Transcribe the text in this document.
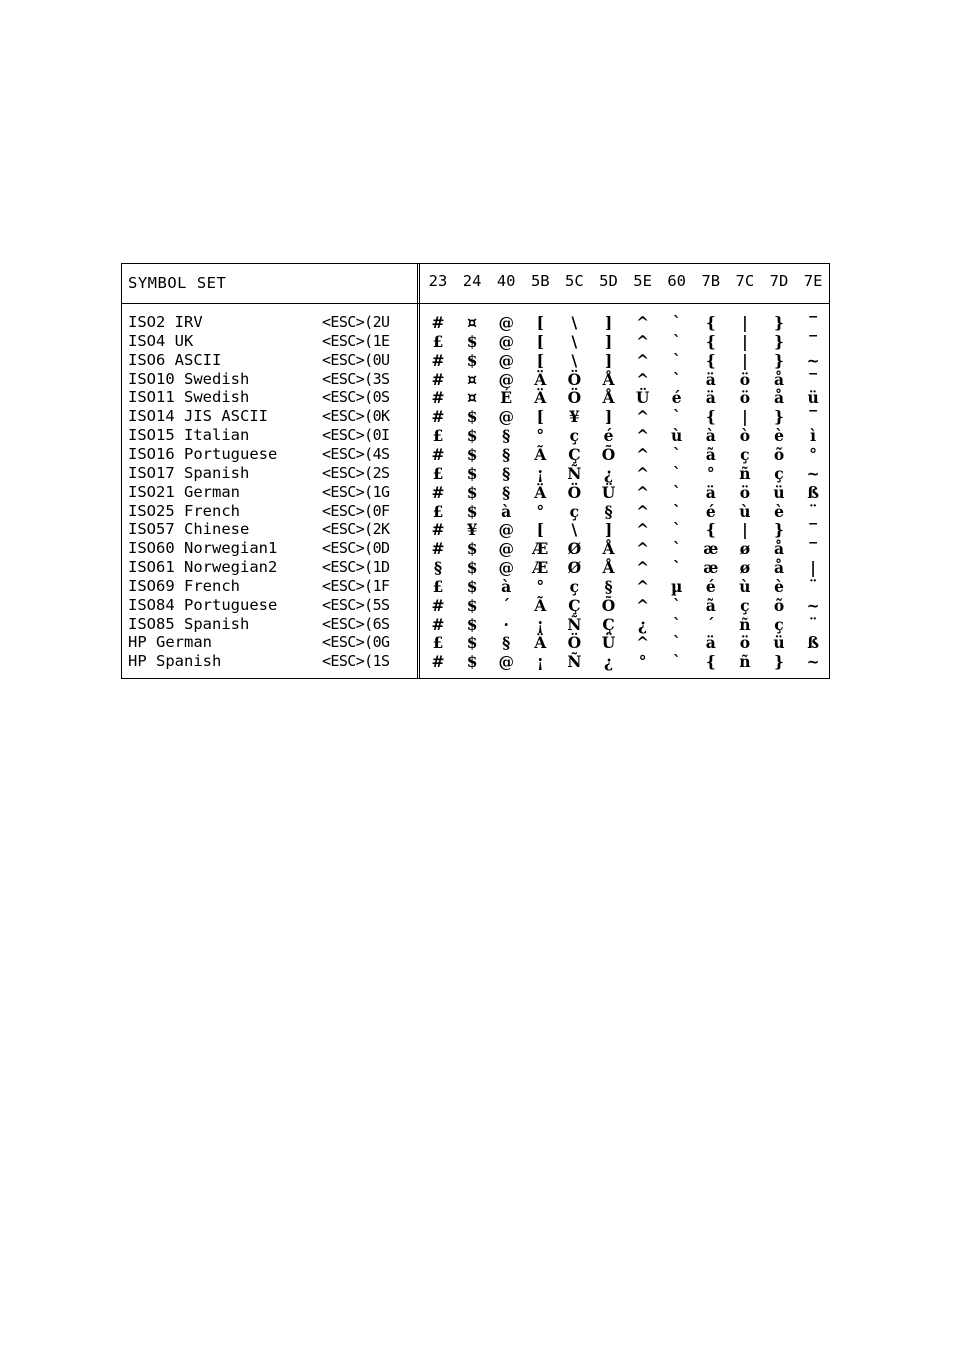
SYMBOL SET	23 24 40 5B 5C 5D 5E 60 7B 7C 7D 7E
ISO2 IRV	<ESC>(2U	#	¤	@	[	\	]	^	`	{	|	}	‾
ISO4 UK	<ESC>(1E	£	$	@	[	\	]	^	`	{	|	}	‾
ISO6 ASCII	<ESC>(0U	#	$	@	[	\	]	^	`	{	|	}	~
ISO10 Swedish	<ESC>(3S	#	¤	@	Ä	Ö	Å	^	`	ä	ö	å	‾
ISO11 Swedish	<ESC>(0S	#	¤	É	Ä	Ö	Å	Ü	é	ä	ö	å	ü
ISO14 JIS ASCII	<ESC>(0K	#	$	@	[	¥	]	^	`	{	|	}	‾
ISO15 Italian	<ESC>(0I	£	$	§	°	ç	é	^	ù	à	ò	è	ì
ISO16 Portuguese	<ESC>(4S	#	$	§	Ã	Ç	Õ	^	`	ã	ç	õ	°
ISO17 Spanish	<ESC>(2S	£	$	§	¡	Ñ	¿	^	`	°	ñ	ç	~
ISO21 German	<ESC>(1G	#	$	§	Ä	Ö	Ü	^	`	ä	ö	ü	ß
ISO25 French	<ESC>(0F	£	$	à	°	ç	§	^	`	é	ù	è	¨
ISO57 Chinese	<ESC>(2K	#	¥	@	[	\	]	^	`	{	|	}	‾
ISO60 Norwegian1	<ESC>(0D	#	$	@	Æ	Ø	Å	^	`	æ	ø	å	‾
ISO61 Norwegian2	<ESC>(1D	§	$	@	Æ	Ø	Å	^	`	æ	ø	å	|
ISO69 French	<ESC>(1F	£	$	à	°	ç	§	^	µ	é	ù	è	¨
ISO84 Portuguese	<ESC>(5S	#	$	´	Ã	Ç	Õ	^	`	ã	ç	õ	~
ISO85 Spanish	<ESC>(6S	#	$	·	¡	Ñ	Ç	¿	`	´	ñ	ç	¨
HP German	<ESC>(0G	£	$	§	Ä	Ö	Ü	^	`	ä	ö	ü	ß
HP Spanish	<ESC>(1S	#	$	@	¡	Ñ	¿	°	`	{	ñ	}	~
